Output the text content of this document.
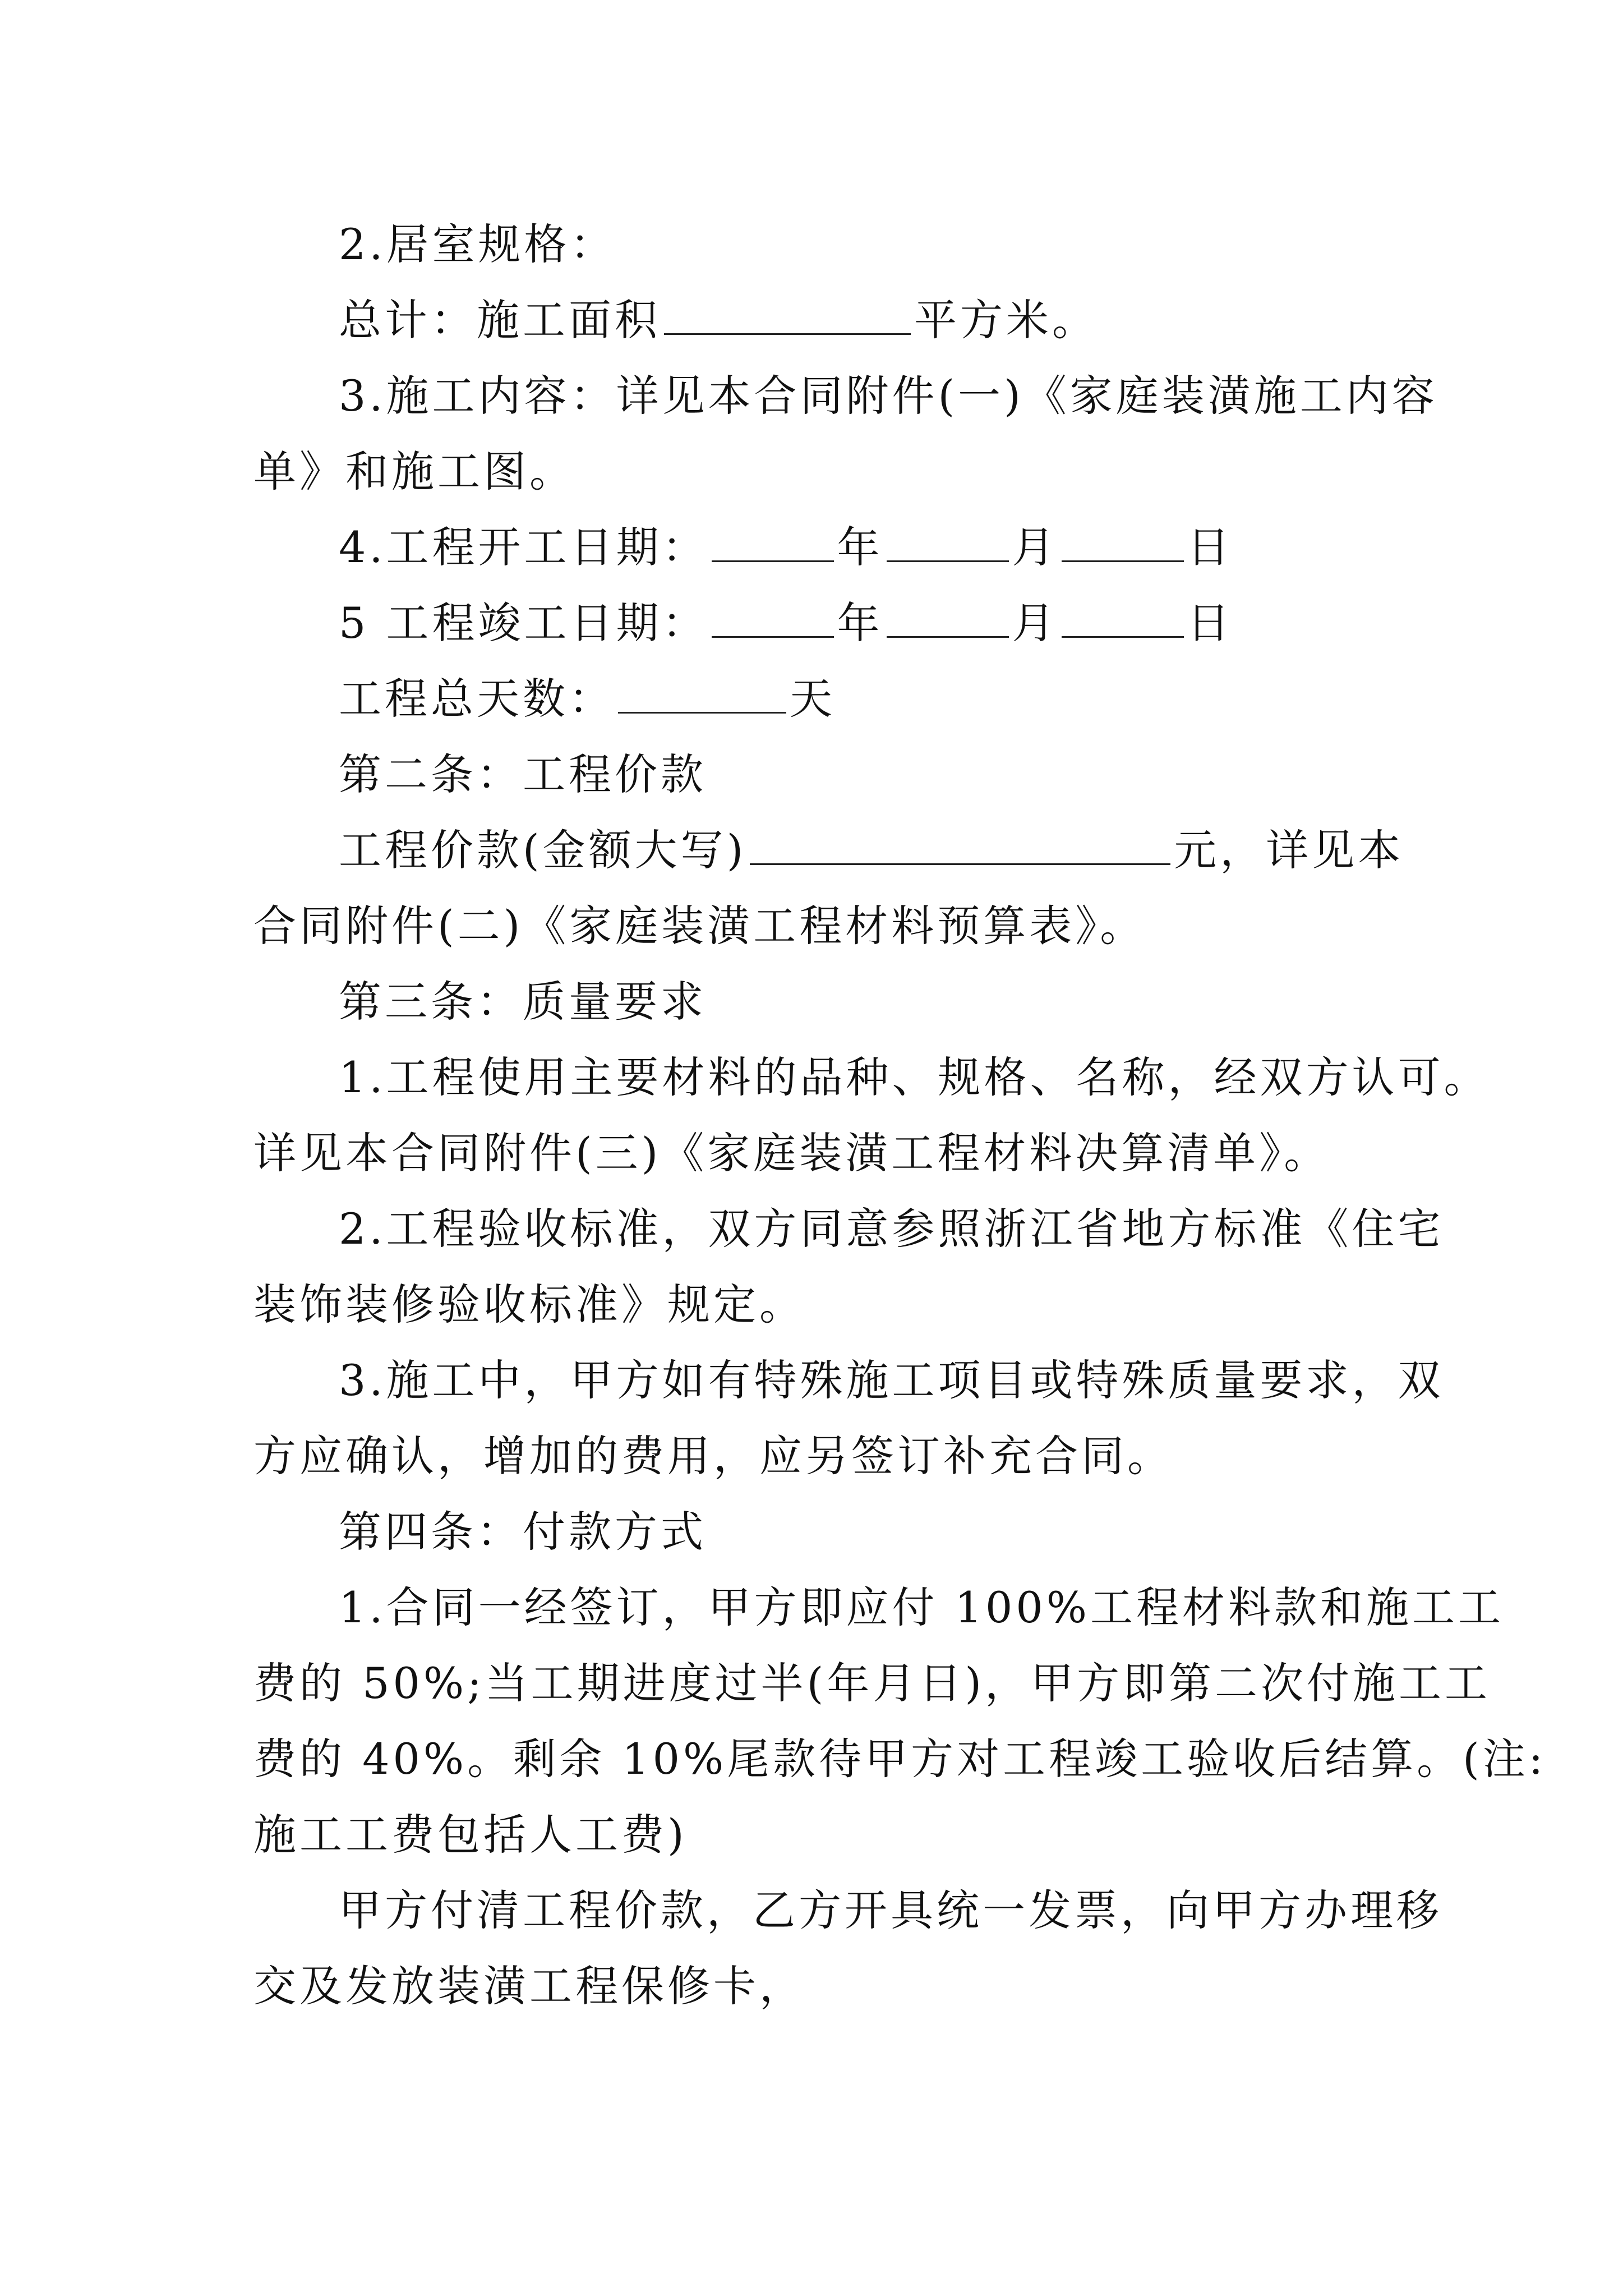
2.居室规格：
总计：施工面积	平方米。
3.施工内容：详见本合同附件(一)《家庭装潢施工内容
单》和施工图。
4.工程开工日期：	年	月	日
5 工程竣工日期：	年	月	日
工程总天数：	天
第二条：工程价款
工程价款(金额大写)	元，详见本
合同附件(二)《家庭装潢工程材料预算表》。
第三条：质量要求
1.工程使用主要材料的品种、规格、名称，经双方认可。
详见本合同附件(三)《家庭装潢工程材料决算清单》。
2.工程验收标准，双方同意参照浙江省地方标准《住宅
装饰装修验收标准》规定。
3.施工中，甲方如有特殊施工项目或特殊质量要求，双
方应确认，增加的费用，应另签订补充合同。
第四条：付款方式
1.合同一经签订，甲方即应付 100%工程材料款和施工工
费的 50%;当工期进度过半(年月日)，甲方即第二次付施工工
费的 40%。剩余 10%尾款待甲方对工程竣工验收后结算。(注:
施工工费包括人工费)
甲方付清工程价款，乙方开具统一发票，向甲方办理移
交及发放装潢工程保修卡，
